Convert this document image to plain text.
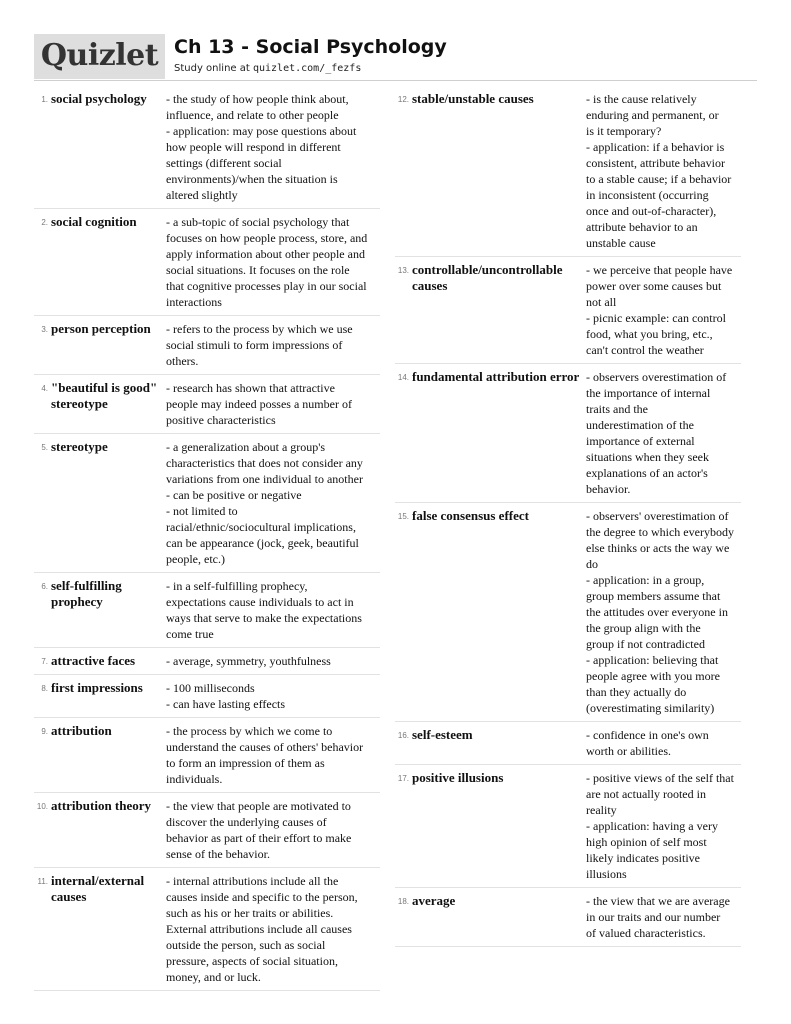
Quizlet Ch 13 - Social Psychology
Study online at quizlet.com/_fezfs
1. social psychology	- the study of how people think about,
influence, and relate to other people
- application: may pose questions about
how people will respond in different
settings (different social
environments)/when the situation is
altered slightly
2. social cognition	- a sub-topic of social psychology that
focuses on how people process, store, and
apply information about other people and
social situations. It focuses on the role
that cognitive processes play in our social
interactions
3. person perception	- refers to the process by which we use
social stimuli to form impressions of
others.
4. "beautiful is good" stereotype
- research has shown that attractive
people may indeed posses a number of
positive characteristics
5. stereotype	- a generalization about a group's
characteristics that does not consider any
variations from one individual to another
- can be positive or negative
- not limited to
racial/ethnic/sociocultural implications,
can be appearance (jock, geek, beautiful
people, etc.)
6. self-fulfilling prophecy
- in a self-fulfilling prophecy,
expectations cause individuals to act in
ways that serve to make the expectations
come true
7. attractive faces	- average, symmetry, youthfulness
8. first impressions	- 100 milliseconds
- can have lasting effects
9. attribution	- the process by which we come to
understand the causes of others' behavior
to form an impression of them as
individuals.
10. attribution theory	- the view that people are motivated to
discover the underlying causes of
behavior as part of their effort to make
sense of the behavior.
11. internal/external causes
- internal attributions include all the
causes inside and specific to the person,
such as his or her traits or abilities.
External attributions include all causes
outside the person, such as social
pressure, aspects of social situation,
money, and or luck.
12. stable/unstable causes	- is the cause relatively
enduring and permanent, or
is it temporary?
- application: if a behavior is
consistent, attribute behavior
to a stable cause; if a behavior
in inconsistent (occurring
once and out-of-character),
attribute behavior to an
unstable cause
13. controllable/uncontrollable causes
- we perceive that people have
power over some causes but
not all
- picnic example: can control
food, what you bring, etc.,
can't control the weather
14. fundamental attribution error - observers overestimation of
the importance of internal
traits and the
underestimation of the
importance of external
situations when they seek
explanations of an actor's
behavior.
15. false consensus effect	- observers' overestimation of
the degree to which everybody
else thinks or acts the way we
do
- application: in a group,
group members assume that
the attitudes over everyone in
the group align with the
group if not contradicted
- application: believing that
people agree with you more
than they actually do
(overestimating similarity)
16. self-esteem	- confidence in one's own
worth or abilities.
17. positive illusions	- positive views of the self that
are not actually rooted in
reality
- application: having a very
high opinion of self most
likely indicates positive
illusions
18. average	- the view that we are average
in our traits and our number
of valued characteristics.
